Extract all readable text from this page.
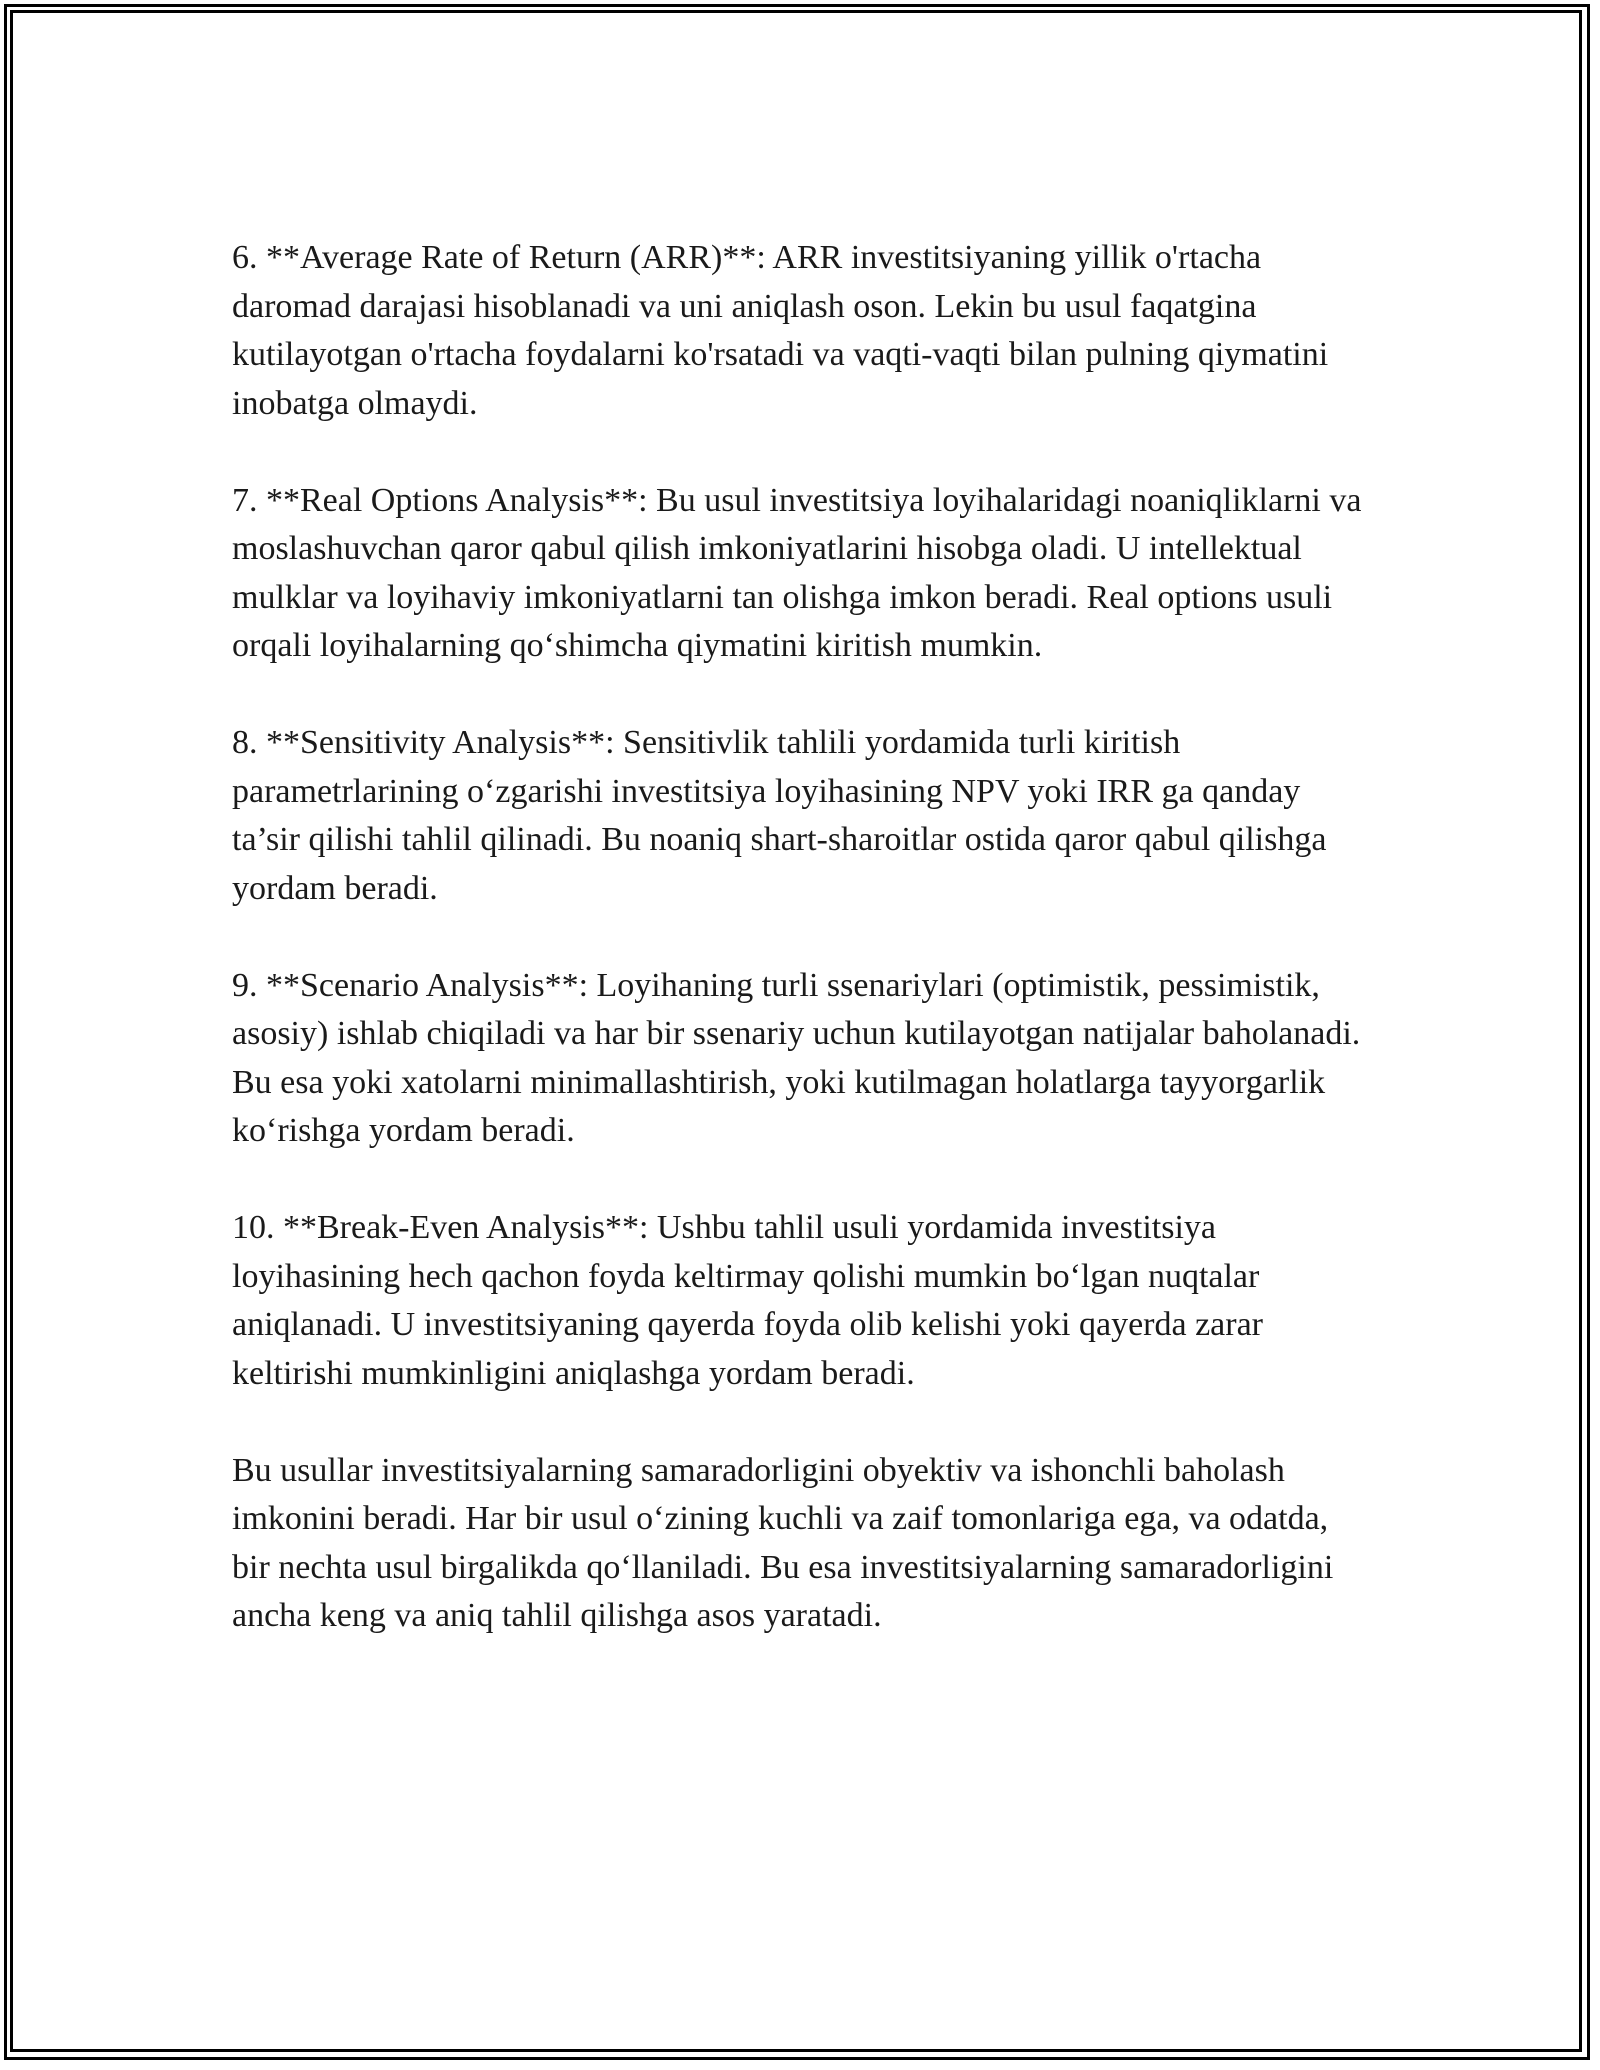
6. **Average Rate of Return (ARR)**: ARR investitsiyaning yillik o'rtacha daromad darajasi hisoblanadi va uni aniqlash oson. Lekin bu usul faqatgina kutilayotgan o'rtacha foydalarni ko'rsatadi va vaqti-vaqti bilan pulning qiymatini inobatga olmaydi.

7. **Real Options Analysis**: Bu usul investitsiya loyihalaridagi noaniqliklarni va moslashuvchan qaror qabul qilish imkoniyatlarini hisobga oladi. U intellektual mulklar va loyihaviy imkoniyatlarni tan olishga imkon beradi. Real options usuli orqali loyihalarning qo‘shimcha qiymatini kiritish mumkin.

8. **Sensitivity Analysis**: Sensitivlik tahlili yordamida turli kiritish parametrlarining o‘zgarishi investitsiya loyihasining NPV yoki IRR ga qanday ta’sir qilishi tahlil qilinadi. Bu noaniq shart-sharoitlar ostida qaror qabul qilishga yordam beradi.

9. **Scenario Analysis**: Loyihaning turli ssenariylari (optimistik, pessimistik, asosiy) ishlab chiqiladi va har bir ssenariy uchun kutilayotgan natijalar baholanadi. Bu esa yoki xatolarni minimallashtirish, yoki kutilmagan holatlarga tayyorgarlik ko‘rishga yordam beradi.

10. **Break-Even Analysis**: Ushbu tahlil usuli yordamida investitsiya loyihasining hech qachon foyda keltirmay qolishi mumkin bo‘lgan nuqtalar aniqlanadi. U investitsiyaning qayerda foyda olib kelishi yoki qayerda zarar keltirishi mumkinligini aniqlashga yordam beradi.

Bu usullar investitsiyalarning samaradorligini obyektiv va ishonchli baholash imkonini beradi. Har bir usul o‘zining kuchli va zaif tomonlariga ega, va odatda, bir nechta usul birgalikda qo‘llaniladi. Bu esa investitsiyalarning samaradorligini ancha keng va aniq tahlil qilishga asos yaratadi.
